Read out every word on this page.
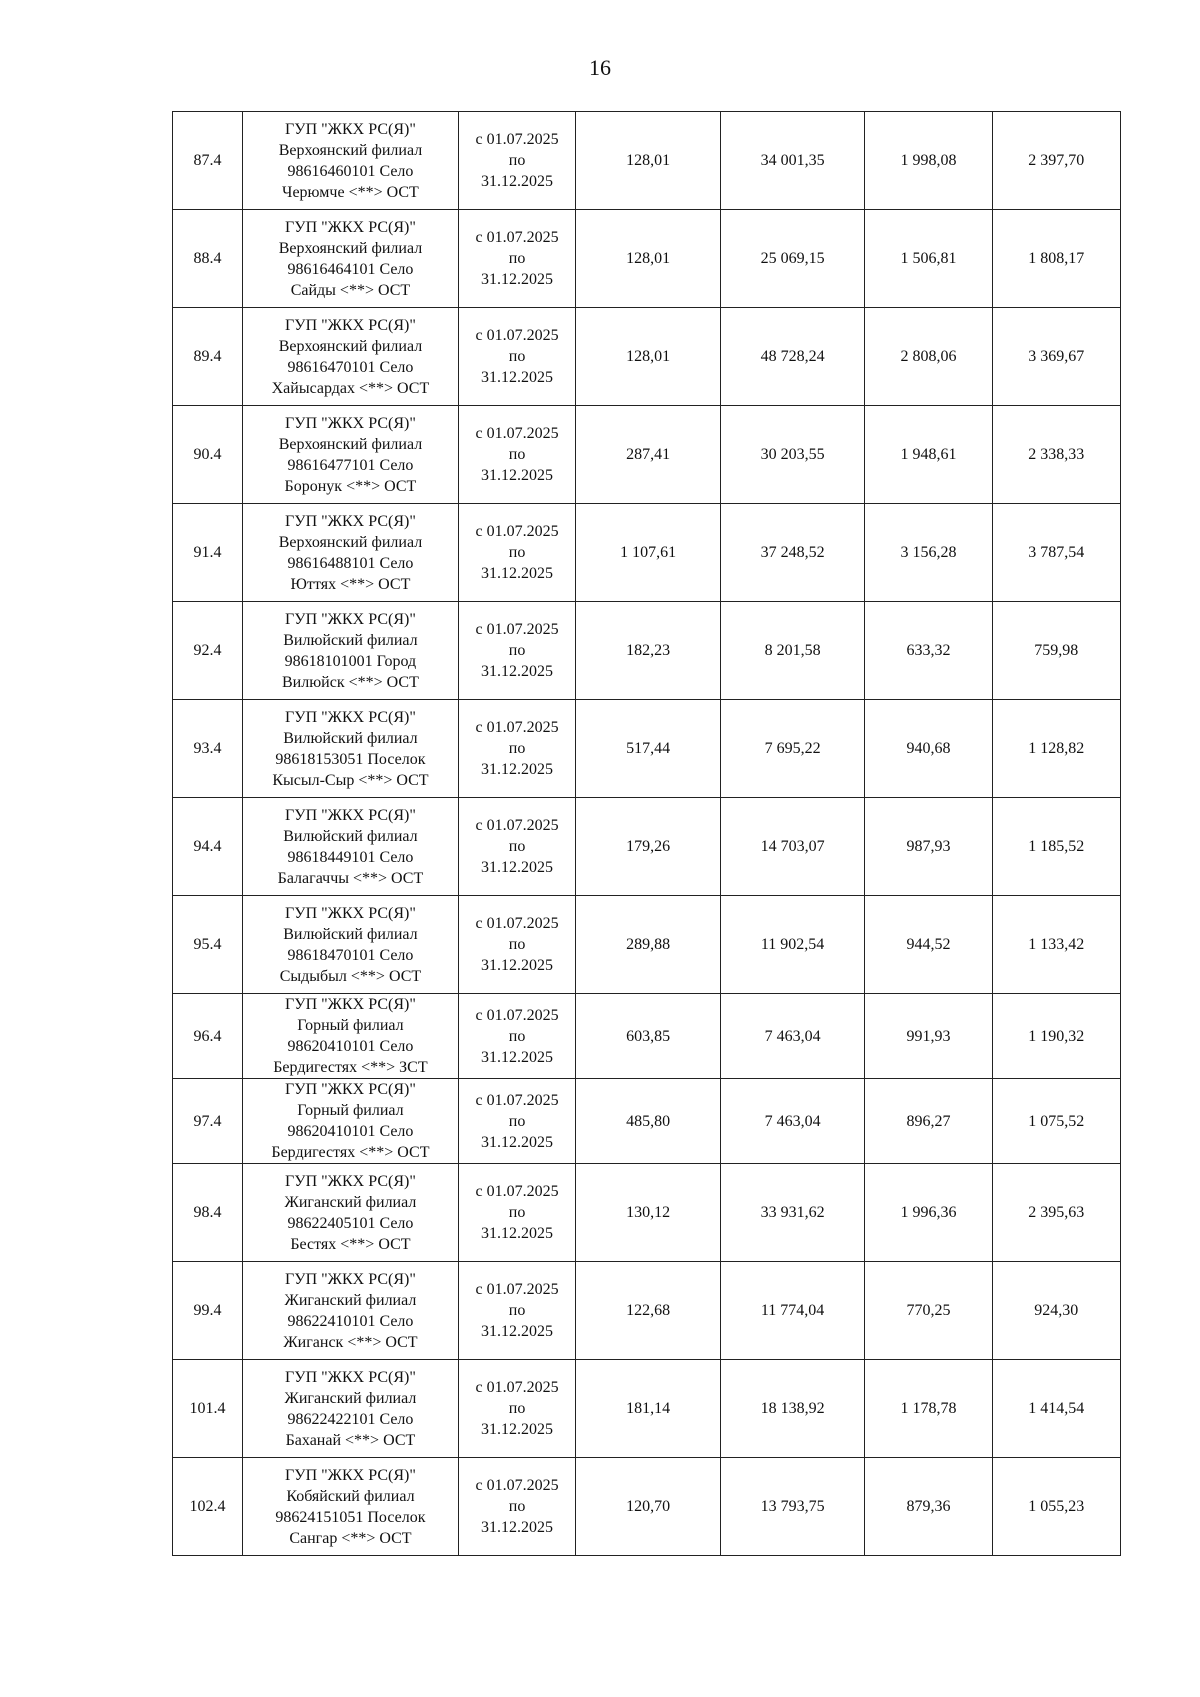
16
87.4	ГУП "ЖКХ РС(Я)"
Верхоянский филиал
98616460101 Село
Черюмче <**> ОСТ	с 01.07.2025
по
31.12.2025	128,01	34 001,35	1 998,08	2 397,70
88.4	ГУП "ЖКХ РС(Я)"
Верхоянский филиал
98616464101 Село
Сайды <**> ОСТ	с 01.07.2025
по
31.12.2025	128,01	25 069,15	1 506,81	1 808,17
89.4	ГУП "ЖКХ РС(Я)"
Верхоянский филиал
98616470101 Село
Хайысардах <**> ОСТ	с 01.07.2025
по
31.12.2025	128,01	48 728,24	2 808,06	3 369,67
90.4	ГУП "ЖКХ РС(Я)"
Верхоянский филиал
98616477101 Село
Боронук <**> ОСТ	с 01.07.2025
по
31.12.2025	287,41	30 203,55	1 948,61	2 338,33
91.4	ГУП "ЖКХ РС(Я)"
Верхоянский филиал
98616488101 Село
Юттях <**> ОСТ	с 01.07.2025
по
31.12.2025	1 107,61	37 248,52	3 156,28	3 787,54
92.4	ГУП "ЖКХ РС(Я)"
Вилюйский филиал
98618101001 Город
Вилюйск <**> ОСТ	с 01.07.2025
по
31.12.2025	182,23	8 201,58	633,32	759,98
93.4	ГУП "ЖКХ РС(Я)"
Вилюйский филиал
98618153051 Поселок
Кысыл-Сыр <**> ОСТ	с 01.07.2025
по
31.12.2025	517,44	7 695,22	940,68	1 128,82
94.4	ГУП "ЖКХ РС(Я)"
Вилюйский филиал
98618449101 Село
Балагаччы <**> ОСТ	с 01.07.2025
по
31.12.2025	179,26	14 703,07	987,93	1 185,52
95.4	ГУП "ЖКХ РС(Я)"
Вилюйский филиал
98618470101 Село
Сыдыбыл <**> ОСТ	с 01.07.2025
по
31.12.2025	289,88	11 902,54	944,52	1 133,42
96.4	ГУП "ЖКХ РС(Я)"
Горный филиал
98620410101 Село
Бердигестях <**> ЗСТ	с 01.07.2025
по
31.12.2025	603,85	7 463,04	991,93	1 190,32
97.4	ГУП "ЖКХ РС(Я)"
Горный филиал
98620410101 Село
Бердигестях <**> ОСТ	с 01.07.2025
по
31.12.2025	485,80	7 463,04	896,27	1 075,52
98.4	ГУП "ЖКХ РС(Я)"
Жиганский филиал
98622405101 Село
Бестях <**> ОСТ	с 01.07.2025
по
31.12.2025	130,12	33 931,62	1 996,36	2 395,63
99.4	ГУП "ЖКХ РС(Я)"
Жиганский филиал
98622410101 Село
Жиганск <**> ОСТ	с 01.07.2025
по
31.12.2025	122,68	11 774,04	770,25	924,30
101.4	ГУП "ЖКХ РС(Я)"
Жиганский филиал
98622422101 Село
Баханай <**> ОСТ	с 01.07.2025
по
31.12.2025	181,14	18 138,92	1 178,78	1 414,54
102.4	ГУП "ЖКХ РС(Я)"
Кобяйский филиал
98624151051 Поселок
Сангар <**> ОСТ	с 01.07.2025
по
31.12.2025	120,70	13 793,75	879,36	1 055,23
